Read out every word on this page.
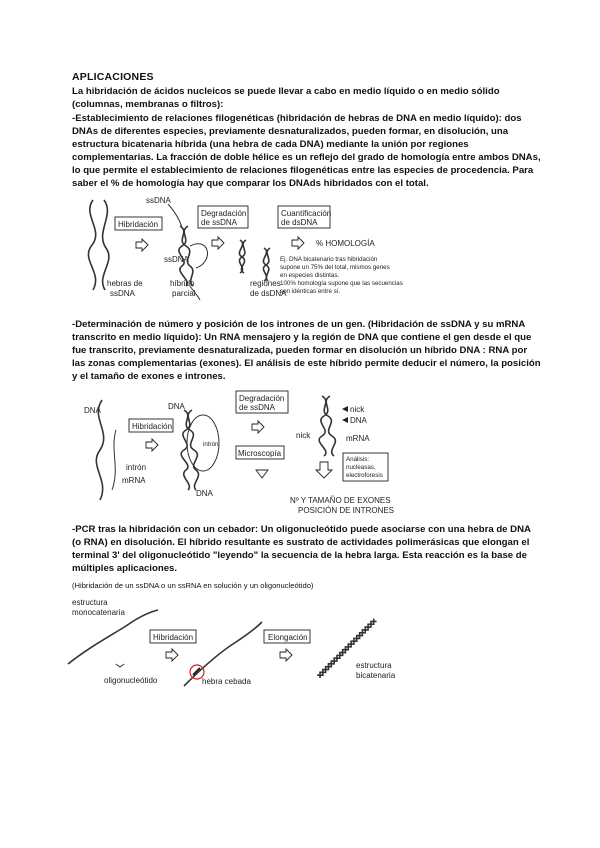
APLICACIONES

La hibridación de ácidos nucleicos se puede llevar a cabo en medio líquido o en medio sólido (columnas, membranas o filtros):

-Establecimiento de relaciones filogenéticas (hibridación de hebras de DNA en medio líquido): dos DNAs de diferentes especies, previamente desnaturalizados, pueden formar, en disolución, una estructura bicatenaria híbrida (una hebra de cada DNA) mediante la unión por regiones complementarias. La fracción de doble hélice es un reflejo del grado de homología entre ambos DNAs, lo que permite el establecimiento de relaciones filogenéticas entre las especies de procedencia. Para saber el % de homología hay que comparar los DNAds hibridados con el total.

-Determinación de número y posición de los intrones de un gen. (Hibridación de ssDNA y su mRNA transcrito en medio líquido): Un RNA mensajero y la región de DNA que contiene el gen desde el que fue transcrito, previamente desnaturalizada, pueden formar en disolución un híbrido DNA : RNA por las zonas complementarias (exones). El análisis de este híbrido permite deducir el número, la posición y el tamaño de exones e intrones.

-PCR tras la hibridación con un cebador: Un oligonucleótido puede asociarse con una hebra de DNA (o RNA) en disolución. El híbrido resultante es sustrato de actividades polimerásicas que elongan el terminal 3' del oligonucleótido "leyendo" la secuencia de la hebra larga. Esta reacción es la base de múltiples aplicaciones.

(Hibridación de un ssDNA o un ssRNA en solución y un oligonucleótido)
hebras de
ssDNA
ssDNA
Hibridación
ssDNA
híbrido
parcial
Degradación
de ssDNA
regiones
de dsDNA
Cuantificación
de dsDNA
% HOMOLOGÍA
Ej. DNA bicatenario tras hibridación
supone un 75% del total, mismos genes
en especies distintas.
100% homología supone que las secuencias
son idénticas entre sí.
DNA
intrón
mRNA
Hibridación
DNA
intrón
DNA
Degradación
de ssDNA
Microscopía
nick
DNA
nick	mRNA
Análisis:
nucleasas,
electroforesis
Nº Y TAMAÑO DE EXONES
POSICIÓN DE INTRONES
estructura
monocatenaria
oligonucleótido
Hibridación
hebra cebada
Elongación
estructura
bicatenaria
